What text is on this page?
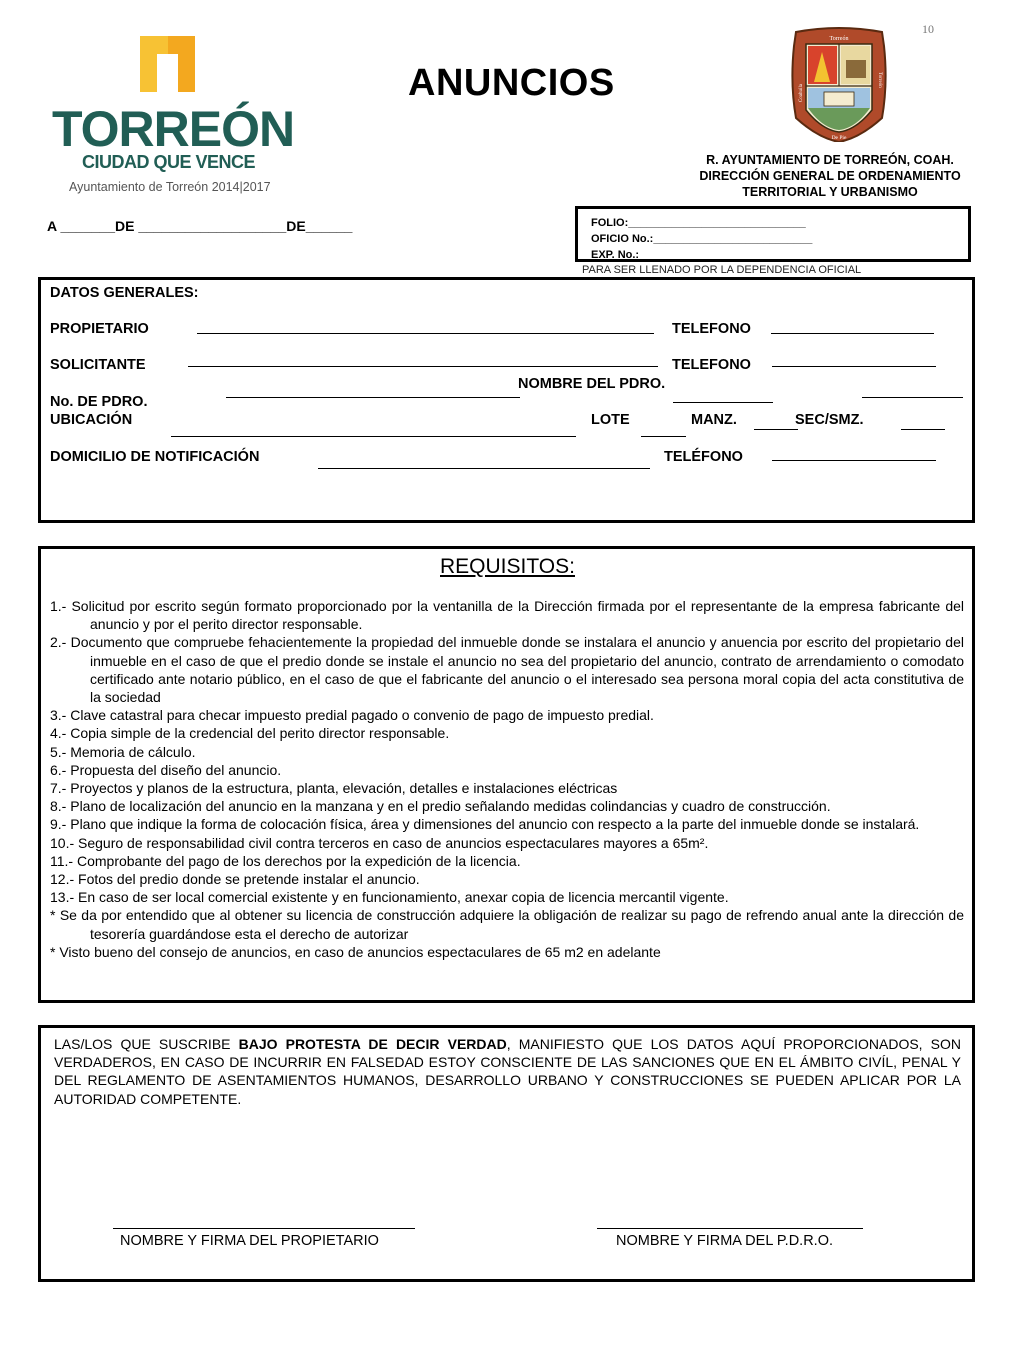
10
TORREÓN
CIUDAD QUE VENCE
Ayuntamiento de Torreón 2014|2017
ANUNCIOS
Torreón
De Pie
Coahuila
Torreón
R. AYUNTAMIENTO DE TORREÓN, COAH.
DIRECCIÓN GENERAL DE ORDENAMIENTO
TERRITORIAL Y URBANISMO
A _______DE ___________________DE______	FOLIO:_____________________________
OFICIO No.:__________________________
EXP. No.:
PARA SER LLENADO POR LA DEPENDENCIA OFICIAL
DATOS GENERALES:
PROPIETARIO	TELEFONO
SOLICITANTE	TELEFONO
NOMBRE DEL PDRO.
No. DE PDRO.
UBICACIÓN	LOTE	MANZ.	SEC/SMZ.
DOMICILIO DE NOTIFICACIÓN	TELÉFONO
REQUISITOS:

1.- Solicitud por escrito según formato proporcionado por la ventanilla de la Dirección firmada por el representante de la empresa fabricante del anuncio y por el perito director responsable.

2.- Documento que compruebe fehacientemente la propiedad del inmueble donde se instalara el anuncio y anuencia por escrito del propietario del inmueble en el caso de que el predio donde se instale el anuncio no sea del propietario del anuncio, contrato de arrendamiento o comodato certificado ante notario público, en el caso de que el fabricante del anuncio o el interesado sea persona moral copia del acta constitutiva de la sociedad

3.- Clave catastral para checar impuesto predial pagado o convenio de pago de impuesto predial.

4.- Copia simple de la credencial del perito director responsable.

5.- Memoria de cálculo.

6.- Propuesta del diseño del anuncio.

7.- Proyectos y planos de la estructura, planta, elevación, detalles e instalaciones eléctricas

8.- Plano de localización del anuncio en la manzana y en el predio señalando medidas colindancias y cuadro de construcción.

9.- Plano que indique la forma de colocación física, área y dimensiones del anuncio con respecto a la parte del inmueble donde se instalará.

10.- Seguro de responsabilidad civil contra terceros en caso de anuncios espectaculares mayores a 65m².

11.- Comprobante del pago de los derechos por la expedición de la licencia.

12.- Fotos del predio donde se pretende instalar el anuncio.

13.- En caso de ser local comercial existente y en funcionamiento, anexar copia de licencia mercantil vigente.

* Se da por entendido que al obtener su licencia de construcción adquiere la obligación de realizar su pago de refrendo anual ante la dirección de tesorería guardándose esta el derecho de autorizar

* Visto bueno del consejo de anuncios, en caso de anuncios espectaculares de 65 m2 en adelante

LAS/LOS QUE SUSCRIBE BAJO PROTESTA DE DECIR VERDAD, MANIFIESTO QUE LOS DATOS AQUÍ PROPORCIONADOS, SON VERDADEROS, EN CASO DE INCURRIR EN FALSEDAD ESTOY CONSCIENTE DE LAS SANCIONES QUE EN EL ÁMBITO CIVÍL, PENAL Y DEL REGLAMENTO DE ASENTAMIENTOS HUMANOS, DESARROLLO URBANO Y CONSTRUCCIONES SE PUEDEN APLICAR POR LA AUTORIDAD COMPETENTE.
NOMBRE Y FIRMA DEL PROPIETARIO	NOMBRE Y FIRMA DEL P.D.R.O.
